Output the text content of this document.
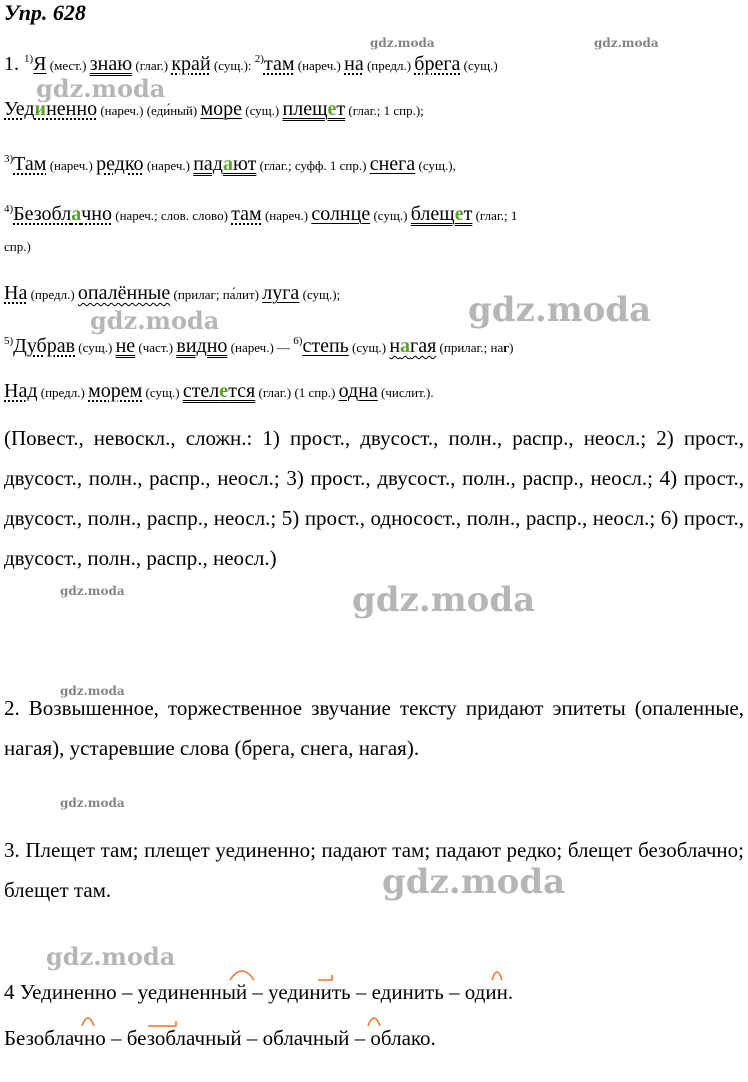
Упр. 628
1. $^{1)}$Я (мест.) знаю (глаг.) край (сущ.): $^{2)}$там (нареч.) на (предл.) брега (сущ.)
Уединенно (нареч.) (еди́ный) море (сущ.) плещет (глаг.; 1 спр.);
$^{3)}$Там (нареч.) редко (нареч.) падают (глаг.; суфф. 1 спр.) снега (сущ.),
$^{4)}$Безоблачно (нареч.; слов. слово) там (нареч.) солнце (сущ.) блещет (глаг.; 1
спр.)
На (предл.) опалённые (прилаг; па́лит) луга (сущ.);
$^{5)}$Дубрав (сущ.) не (част.) видно (нареч.) — $^{6)}$степь (сущ.) нагая (прилаг.; наг)
Над (предл.) морем (сущ.) стелется (глаг.) (1 спр.) одна (числит.).
(Повест., невоскл., сложн.: 1) прост., двусост., полн., распр., неосл.; 2) прост., двусост., полн., распр., неосл.; 3) прост., двусост., полн., распр., неосл.; 4) прост., двусост., полн., распр., неосл.; 5) прост., односост., полн., распр., неосл.; 6) прост., двусост., полн., распр., неосл.)
2. Возвышенное, торжественное звучание тексту придают эпитеты (опаленные, нагая), устаревшие слова (брега, снега, нагая).
3. Плещет там; плещет уединенно; падают там; падают редко; блещет безоблачно; блещет там.
4 Уединенно – уединенный – уединить – единить – один.
Безоблачно – безоблачный – облачный – облако.
gdz.moda	gdz.moda
gdz.moda
gdz.moda
gdz.moda
gdz.moda	gdz.moda
gdz.moda
gdz.moda
gdz.moda
gdz.moda
